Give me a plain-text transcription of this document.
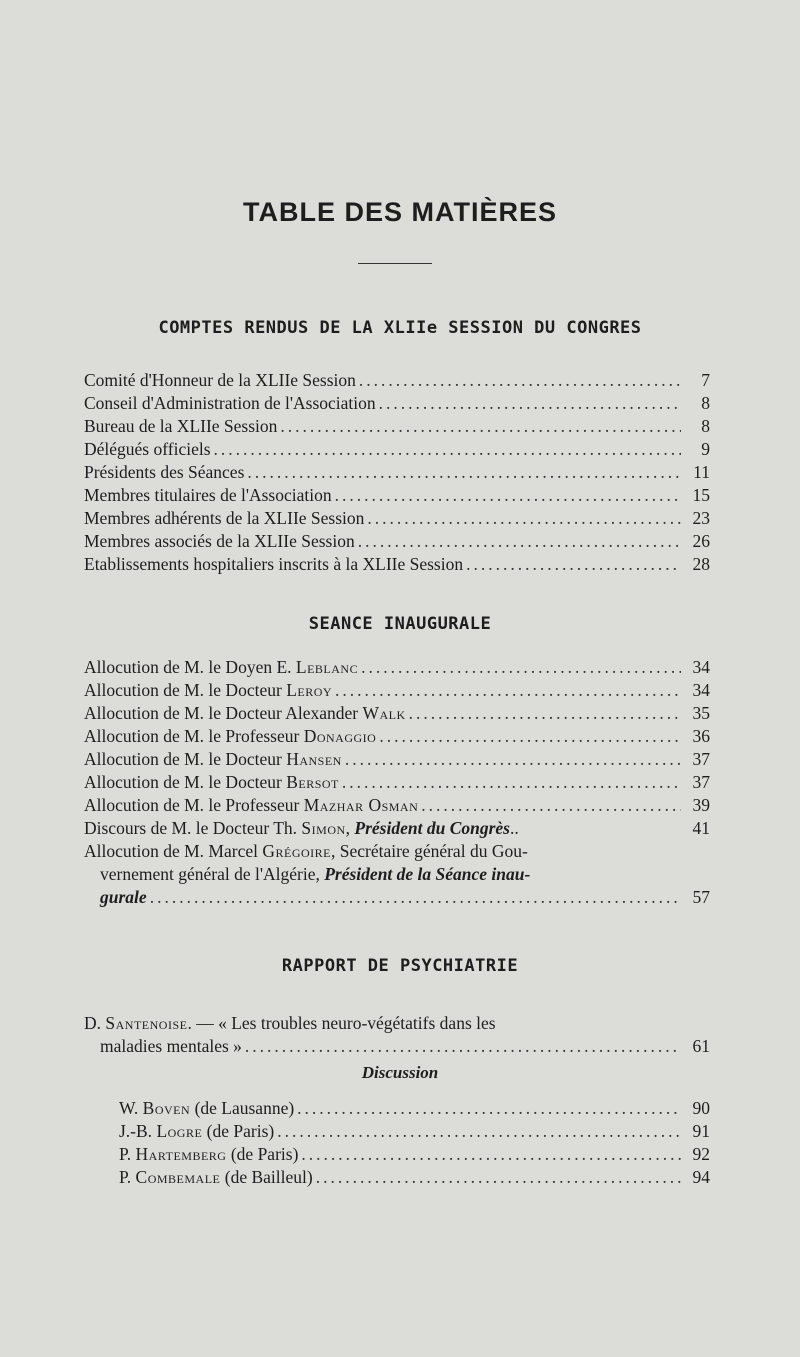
TABLE DES MATIÈRES
COMPTES RENDUS DE LA XLIIe SESSION DU CONGRES
Comité d'Honneur de la XLIIe Session .....	7
Conseil d'Administration de l'Association .....	8
Bureau de la XLIIe Session .....	8
Délégués officiels .....	9
Présidents des Séances .....	11
Membres titulaires de l'Association .....	15
Membres adhérents de la XLIIe Session .....	23
Membres associés de la XLIIe Session .....	26
Etablissements hospitaliers inscrits à la XLIIe Session .....	28
SEANCE INAUGURALE
Allocution de M. le Doyen E. Leblanc .....	34
Allocution de M. le Docteur Leroy .....	34
Allocution de M. le Docteur Alexander Walk .....	35
Allocution de M. le Professeur Donaggio .....	36
Allocution de M. le Docteur Hansen .....	37
Allocution de M. le Docteur Bersot .....	37
Allocution de M. le Professeur Mazhar Osman .....	39
Discours de M. le Docteur Th. Simon, Président du Congrès..	41
Allocution de M. Marcel Grégoire, Secrétaire général du Gou-
vernement général de l'Algérie, Président de la Séance inau-
gurale .....	57
RAPPORT DE PSYCHIATRIE
D. Santenoise. — « Les troubles neuro-végétatifs dans les
maladies mentales » .....	61
Discussion
W. Boven (de Lausanne) .....	90
J.-B. Logre (de Paris) .....	91
P. Hartemberg (de Paris) .....	92
P. Combemale (de Bailleul) .....	94
